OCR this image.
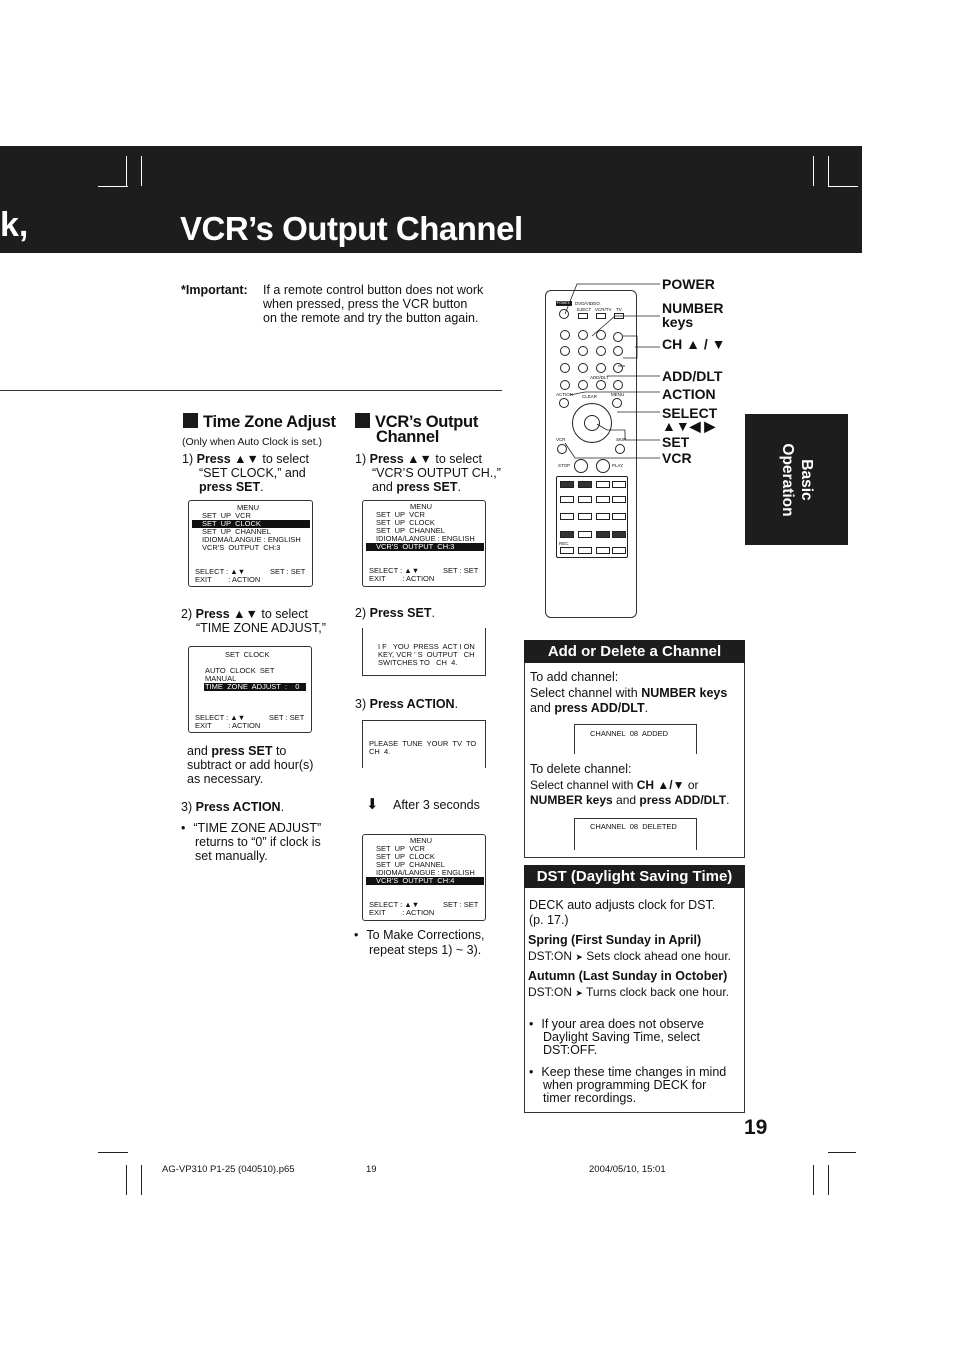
k,	VCR’s Output Channel
*Important: If a remote control button does not work
when pressed, press the VCR button
on the remote and try the button again.
Time Zone Adjust
(Only when Auto Clock is set.)
1) Press ▲▼ to select
“SET CLOCK,” and
press SET.
MENU
SET  UP  VCR
SET  UP  CLOCK
SET  UP  CHANNEL
IDIOMA/LANGUE : ENGLISH
VCR'S  OUTPUT  CH:3
SELECT : ▲▼	SET : SET
EXIT        : ACTION
2) Press ▲▼ to select
“TIME ZONE ADJUST,”
SET  CLOCK
AUTO  CLOCK  SET
MANUAL
TIME  ZONE  ADJUST  :    0
SELECT : ▲▼	SET : SET
EXIT        : ACTION
and press SET to
subtract or add hour(s)
as necessary.
3) Press ACTION.
• “TIME ZONE ADJUST”
returns to “0” if clock is
set manually.
VCR’s Output
Channel
1) Press ▲▼ to select
“VCR’S OUTPUT CH.,”
and press SET.
MENU
SET  UP  VCR
SET  UP  CLOCK
SET  UP  CHANNEL
IDIOMA/LANGUE : ENGLISH
VCR'S  OUTPUT  CH:3
SELECT : ▲▼	SET : SET
EXIT        : ACTION
2) Press SET.
I F   YOU  PRESS  ACT I ON
KEY, VCR ' S  OUTPUT   CH
SWITCHES TO   CH  4.
3) Press ACTION.
PLEASE  TUNE  YOUR  TV  TO
CH  4.
⬇ After 3 seconds
MENU
SET  UP  VCR
SET  UP  CLOCK
SET  UP  CHANNEL
IDIOMA/LANGUE : ENGLISH
VCR'S  OUTPUT  CH:4
SELECT : ▲▼	SET : SET
EXIT        : ACTION
• To Make Corrections,
repeat steps 1) ~ 3).
POWER DVD/VIDEO
EJECT VCR/TV TV
ADD/DLT
ACTION CLEAR	MENU
VCR	SKIP
STOP	PLAY
REC
POWER
NUMBER
keys
CH ▲ / ▼
ADD/DLT
ACTION
SELECT
▲▼◀ ▶
SET
VCR
Basic
Operation
Add or Delete a Channel
To add channel:
Select channel with NUMBER keys
and press ADD/DLT.
CHANNEL  08  ADDED
To delete channel:
Select channel with CH ▲/▼ or
NUMBER keys and press ADD/DLT.
CHANNEL  08  DELETED
DST (Daylight Saving Time)
DECK auto adjusts clock for DST.
(p. 17.)
Spring (First Sunday in April)
DST:ON ➤ Sets clock ahead one hour.
Autumn (Last Sunday in October)
DST:ON ➤ Turns clock back one hour.
• If your area does not observe
Daylight Saving Time, select
DST:OFF.
• Keep these time changes in mind
when programming DECK for
timer recordings.
19
AG-VP310 P1-25 (040510).p65	19	2004/05/10, 15:01
